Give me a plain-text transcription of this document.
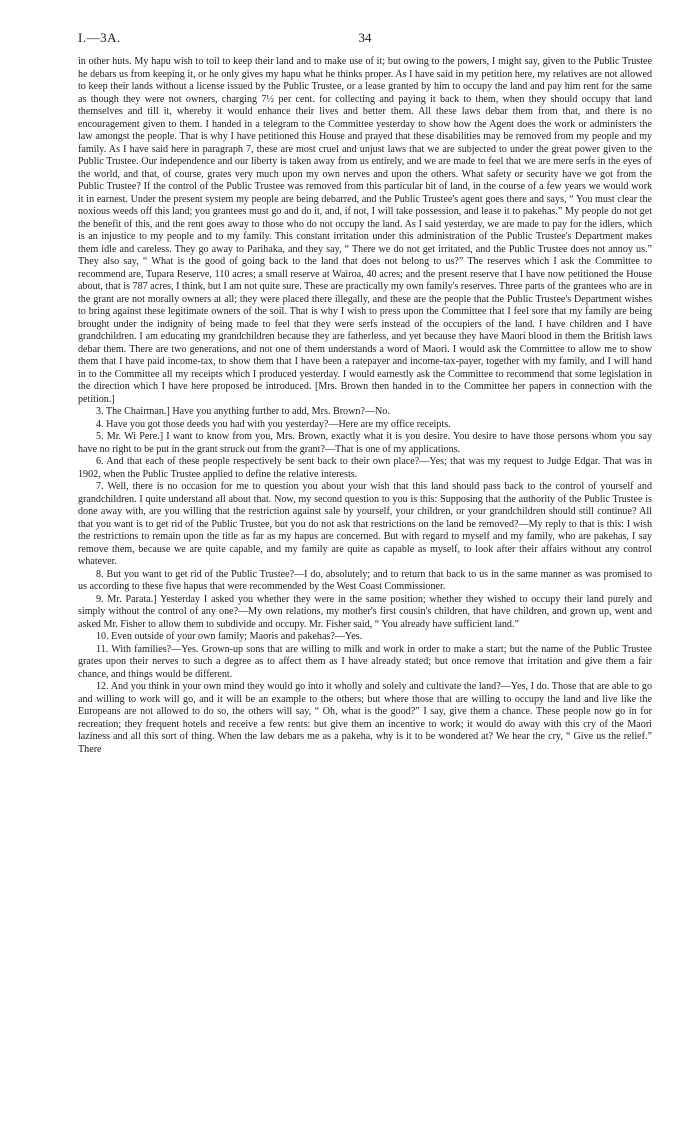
I.—3A.	34

in other huts. My hapu wish to toil to keep their land and to make use of it; but owing to the powers, I might say, given to the Public Trustee he debars us from keeping it, or he only gives my hapu what he thinks proper. As I have said in my petition here, my relatives are not allowed to keep their lands without a license issued by the Public Trustee, or a lease granted by him to occupy the land and pay him rent for the same as though they were not owners, charging 7½ per cent. for collecting and paying it back to them, when they should occupy that land themselves and till it, whereby it would enhance their lives and better them. All these laws debar them from that, and there is no encouragement given to them. I handed in a telegram to the Committee yesterday to show how the Agent does the work or administers the law amongst the people. That is why I have petitioned this House and prayed that these disabilities may be removed from my people and my family. As I have said here in paragraph 7, these are most cruel and unjust laws that we are subjected to under the great power given to the Public Trustee. Our independence and our liberty is taken away from us entirely, and we are made to feel that we are mere serfs in the eyes of the world, and that, of course, grates very much upon my own nerves and upon the others. What safety or security have we got from the Public Trustee? If the control of the Public Trustee was removed from this particular bit of land, in the course of a few years we would work it in earnest. Under the present system my people are being debarred, and the Public Trustee's agent goes there and says, “ You must clear the noxious weeds off this land; you grantees must go and do it, and, if not, I will take possession, and lease it to pakehas.” My people do not get the benefit of this, and the rent goes away to those who do not occupy the land. As I said yesterday, we are made to pay for the idlers, which is an injustice to my people and to my family. This constant irritation under this administration of the Public Trustee's Department makes them idle and careless. They go away to Parihaka, and they say, “ There we do not get irritated, and the Public Trustee does not annoy us.” They also say, “ What is the good of going back to the land that does not belong to us?” The reserves which I ask the Committee to recommend are, Tupara Reserve, 110 acres; a small reserve at Wairoa, 40 acres; and the present reserve that I have now petitioned the House about, that is 787 acres, I think, but I am not quite sure. These are practically my own family's reserves. Three parts of the grantees who are in the grant are not morally owners at all; they were placed there illegally, and these are the people that the Public Trustee's Department wishes to bring against these legitimate owners of the soil. That is why I wish to press upon the Committee that I feel sore that my family are being brought under the indignity of being made to feel that they were serfs instead of the occupiers of the land. I have children and I have grandchildren. I am educating my grandchildren because they are fatherless, and yet because they have Maori blood in them the British laws debar them. There are two generations, and not one of them understands a word of Maori. I would ask the Committee to allow me to show them that I have paid income-tax, to show them that I have been a ratepayer and income-tax-payer, together with my family, and I will hand in to the Committee all my receipts which I produced yesterday. I would earnestly ask the Committee to recommend that some legislation in the direction which I have here proposed be introduced. [Mrs. Brown then handed in to the Committee her papers in connection with the petition.]

3. The Chairman.] Have you anything further to add, Mrs. Brown?—No.

4. Have you got those deeds you had with you yesterday?—Here are my office receipts.

5. Mr. Wi Pere.] I want to know from you, Mrs. Brown, exactly what it is you desire. You desire to have those persons whom you say have no right to be put in the grant struck out from the grant?—That is one of my applications.

6. And that each of these people respectively be sent back to their own place?—Yes; that was my request to Judge Edgar. That was in 1902, when the Public Trustee applied to define the relative interests.

7. Well, there is no occasion for me to question you about your wish that this land should pass back to the control of yourself and grandchildren. I quite understand all about that. Now, my second question to you is this: Supposing that the authority of the Public Trustee is done away with, are you willing that the restriction against sale by yourself, your children, or your grandchildren should still continue? All that you want is to get rid of the Public Trustee, but you do not ask that restrictions on the land be removed?—My reply to that is this: I wish the restrictions to remain upon the title as far as my hapus are concerned. But with regard to myself and my family, who are pakehas, I say remove them, because we are quite capable, and my family are quite as capable as myself, to look after their affairs without any control whatever.

8. But you want to get rid of the Public Trustee?—I do, absolutely; and to return that back to us in the same manner as was promised to us according to these five hapus that were recommended by the West Coast Commissioner.

9. Mr. Parata.] Yesterday I asked you whether they were in the same position; whether they wished to occupy their land purely and simply without the control of any one?—My own relations, my mother's first cousin's children, that have children, and grown up, went and asked Mr. Fisher to allow them to subdivide and occupy. Mr. Fisher said, “ You already have sufficient land.”

10. Even outside of your own family; Maoris and pakehas?—Yes.

11. With families?—Yes. Grown-up sons that are willing to milk and work in order to make a start; but the name of the Public Trustee grates upon their nerves to such a degree as to affect them as I have already stated; but once remove that irritation and give them a fair chance, and things would be different.

12. And you think in your own mind they would go into it wholly and solely and cultivate the land?—Yes, I do. Those that are able to go and willing to work will go, and it will be an example to the others; but where those that are willing to occupy the land and live like the Europeans are not allowed to do so, the others will say, “ Oh, what is the good?” I say, give them a chance. These people now go in for recreation; they frequent hotels and receive a few rents: but give them an incentive to work; it would do away with this cry of the Maori laziness and all this sort of thing. When the law debars me as a pakeha, why is it to be wondered at? We hear the cry, “ Give us the relief.” There
